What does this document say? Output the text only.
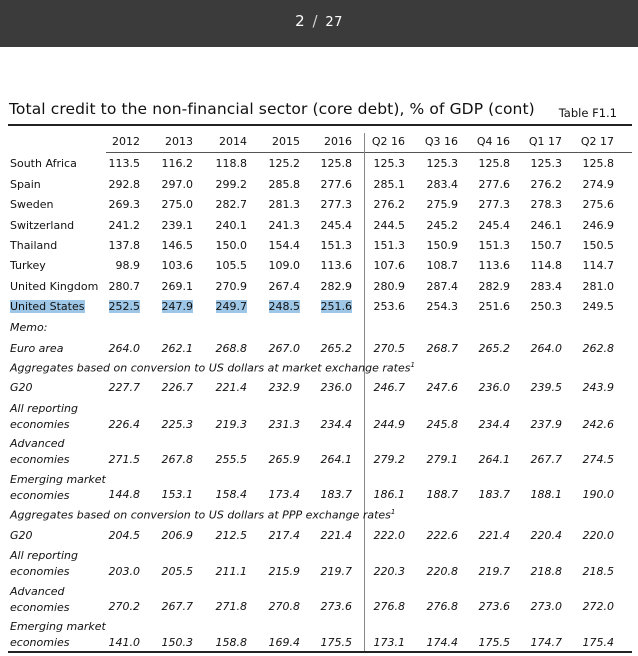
2 / 27
Total credit to the non-financial sector (core debt), % of GDP (cont) Table F1.1
2012	2013	2014	2015	2016	Q2 16	Q3 16	Q4 16	Q1 17	Q2 17
South Africa	113.5	116.2	118.8	125.2	125.8	125.3	125.3	125.8	125.3	125.8
Spain	292.8	297.0	299.2	285.8	277.6	285.1	283.4	277.6	276.2	274.9
Sweden	269.3	275.0	282.7	281.3	277.3	276.2	275.9	277.3	278.3	275.6
Switzerland	241.2	239.1	240.1	241.3	245.4	244.5	245.2	245.4	246.1	246.9
Thailand	137.8	146.5	150.0	154.4	151.3	151.3	150.9	151.3	150.7	150.5
Turkey	98.9	103.6	105.5	109.0	113.6	107.6	108.7	113.6	114.8	114.7
United Kingdom 280.7	269.1	270.9	267.4	282.9	280.9	287.4	282.9	283.4	281.0
United States	252.5	247.9	249.7	248.5	251.6	253.6	254.3	251.6	250.3	249.5
Memo:
Euro area	264.0	262.1	268.8	267.0	265.2	270.5	268.7	265.2	264.0	262.8
Aggregates based on conversion to US dollars at market exchange rates$^1$
G20	227.7	226.7	221.4	232.9	236.0	246.7	247.6	236.0	239.5	243.9
All reporting
economies	226.4	225.3	219.3	231.3	234.4	244.9	245.8	234.4	237.9	242.6
Advanced
economies	271.5	267.8	255.5	265.9	264.1	279.2	279.1	264.1	267.7	274.5
Emerging market
economies	144.8	153.1	158.4	173.4	183.7	186.1	188.7	183.7	188.1	190.0
Aggregates based on conversion to US dollars at PPP exchange rates$^1$
G20	204.5	206.9	212.5	217.4	221.4	222.0	222.6	221.4	220.4	220.0
All reporting
economies	203.0	205.5	211.1	215.9	219.7	220.3	220.8	219.7	218.8	218.5
Advanced
economies	270.2	267.7	271.8	270.8	273.6	276.8	276.8	273.6	273.0	272.0
Emerging market
economies	141.0	150.3	158.8	169.4	175.5	173.1	174.4	175.5	174.7	175.4
